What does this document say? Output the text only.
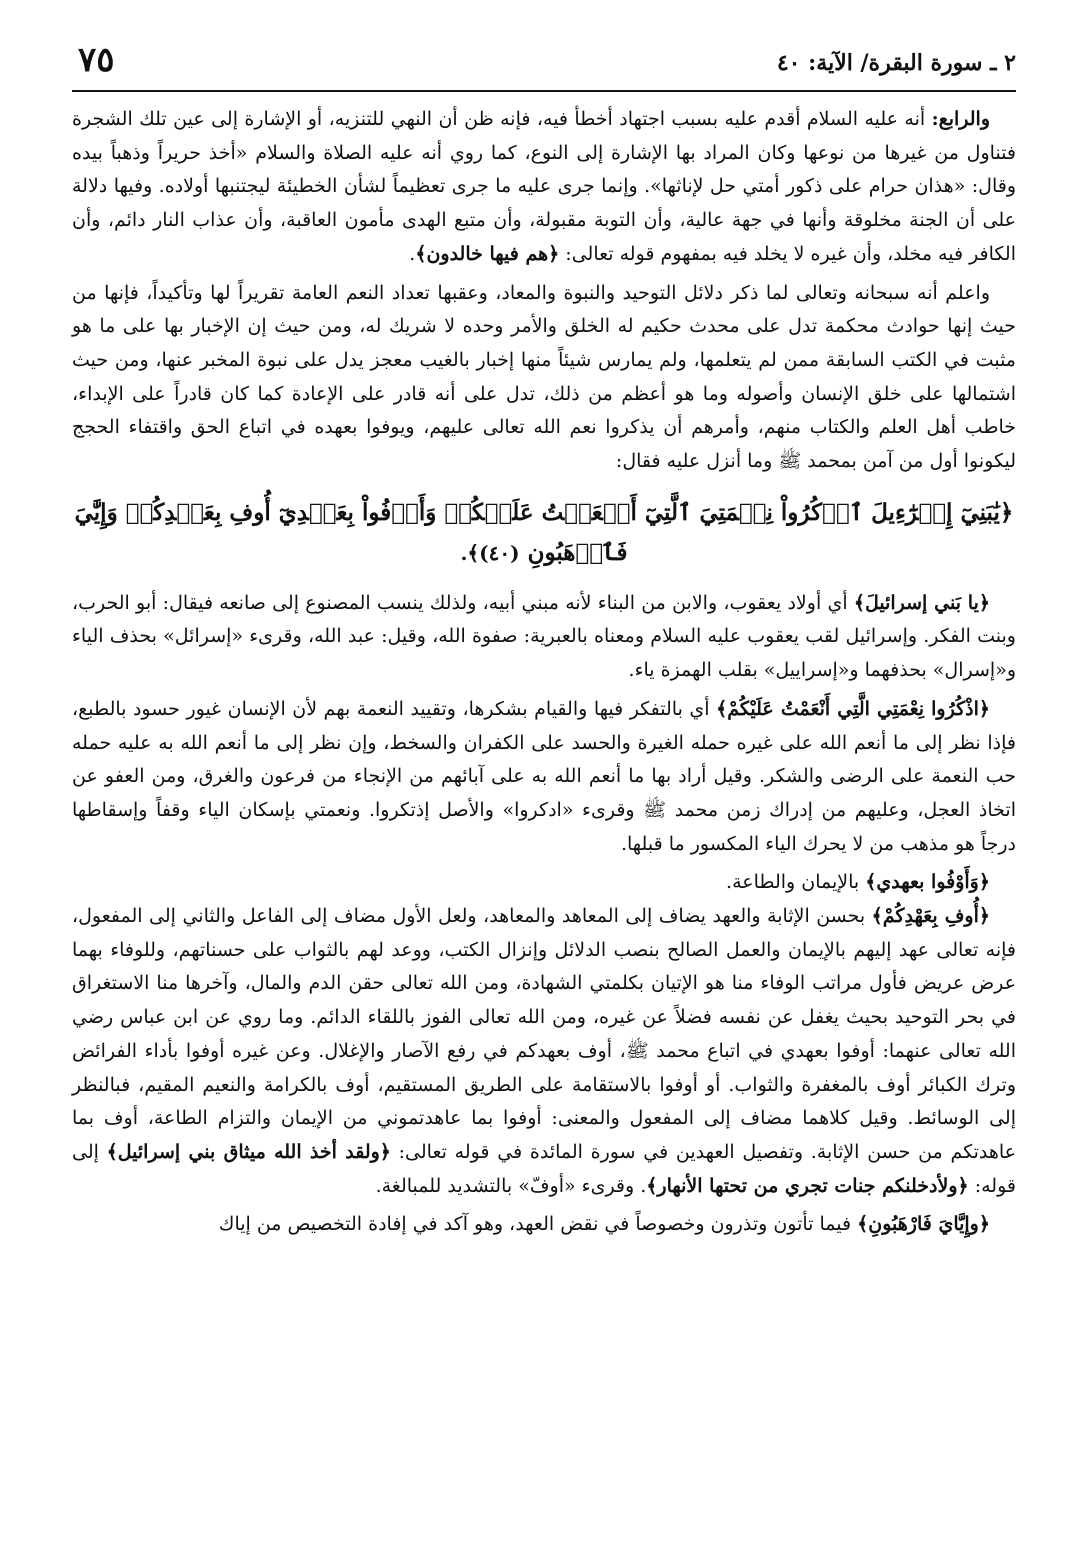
٢ ـ سورة البقرة/ الآية: ٤٠
٧٥

والرابع: أنه عليه السلام أقدم عليه بسبب اجتهاد أخطأ فيه، فإنه ظن أن النهي للتنزيه، أو الإشارة إلى عين تلك الشجرة فتناول من غيرها من نوعها وكان المراد بها الإشارة إلى النوع، كما روي أنه عليه الصلاة والسلام «أخذ حريراً وذهباً بيده وقال: «هذان حرام على ذكور أمتي حل لإناثها». وإنما جرى عليه ما جرى تعظيماً لشأن الخطيئة ليجتنبها أولاده. وفيها دلالة على أن الجنة مخلوقة وأنها في جهة عالية، وأن التوبة مقبولة، وأن متبع الهدى مأمون العاقبة، وأن عذاب النار دائم، وأن الكافر فيه مخلد، وأن غيره لا يخلد فيه بمفهوم قوله تعالى: ﴿هم فيها خالدون﴾.

واعلم أنه سبحانه وتعالى لما ذكر دلائل التوحيد والنبوة والمعاد، وعقبها تعداد النعم العامة تقريراً لها وتأكيداً، فإنها من حيث إنها حوادث محكمة تدل على محدث حكيم له الخلق والأمر وحده لا شريك له، ومن حيث إن الإخبار بها على ما هو مثبت في الكتب السابقة ممن لم يتعلمها، ولم يمارس شيئاً منها إخبار بالغيب معجز يدل على نبوة المخبر عنها، ومن حيث اشتمالها على خلق الإنسان وأصوله وما هو أعظم من ذلك، تدل على أنه قادر على الإعادة كما كان قادراً على الإبداء، خاطب أهل العلم والكتاب منهم، وأمرهم أن يذكروا نعم الله تعالى عليهم، ويوفوا بعهده في اتباع الحق واقتفاء الحجج ليكونوا أول من آمن بمحمد ﷺ وما أنزل عليه فقال:

﴿يَٰبَنِيٓ إِسۡرَٰٓءِيلَ ٱذۡكُرُواْ نِعۡمَتِيَ ٱلَّتِيٓ أَنۡعَمۡتُ عَلَيۡكُمۡ وَأَوۡفُواْ بِعَهۡدِيٓ أُوفِ بِعَهۡدِكُمۡ وَإِيَّٰيَ فَٱرۡهَبُونِ (٤٠)﴾.

﴿يا بَني إسرائيلَ﴾ أي أولاد يعقوب، والابن من البناء لأنه مبني أبيه، ولذلك ينسب المصنوع إلى صانعه فيقال: أبو الحرب، وبنت الفكر. وإسرائيل لقب يعقوب عليه السلام ومعناه بالعبرية: صفوة الله، وقيل: عبد الله، وقرىء «إسرائل» بحذف الياء و«إسرال» بحذفهما و«إسراييل» بقلب الهمزة ياء.

﴿اذْكُرُوا نِعْمَتِي الَّتِي أَنْعَمْتُ عَلَيْكُمْ﴾ أي بالتفكر فيها والقيام بشكرها، وتقييد النعمة بهم لأن الإنسان غيور حسود بالطبع، فإذا نظر إلى ما أنعم الله على غيره حمله الغيرة والحسد على الكفران والسخط، وإن نظر إلى ما أنعم الله به عليه حمله حب النعمة على الرضى والشكر. وقيل أراد بها ما أنعم الله به على آبائهم من الإنجاء من فرعون والغرق، ومن العفو عن اتخاذ العجل، وعليهم من إدراك زمن محمد ﷺ وقرىء «ادكروا» والأصل إذتكروا. ونعمتي بإسكان الياء وقفاً وإسقاطها درجاً هو مذهب من لا يحرك الياء المكسور ما قبلها.

﴿وَأَوْفُوا بعهدي﴾ بالإيمان والطاعة.

﴿أُوفِ بِعَهْدِكُمْ﴾ بحسن الإثابة والعهد يضاف إلى المعاهد والمعاهد، ولعل الأول مضاف إلى الفاعل والثاني إلى المفعول، فإنه تعالى عهد إليهم بالإيمان والعمل الصالح بنصب الدلائل وإنزال الكتب، ووعد لهم بالثواب على حسناتهم، وللوفاء بهما عرض عريض فأول مراتب الوفاء منا هو الإتيان بكلمتي الشهادة، ومن الله تعالى حقن الدم والمال، وآخرها منا الاستغراق في بحر التوحيد بحيث يغفل عن نفسه فضلاً عن غيره، ومن الله تعالى الفوز باللقاء الدائم. وما روي عن ابن عباس رضي الله تعالى عنهما: أوفوا بعهدي في اتباع محمد ﷺ، أوف بعهدكم في رفع الآصار والإغلال. وعن غيره أوفوا بأداء الفرائض وترك الكبائر أوف بالمغفرة والثواب. أو أوفوا بالاستقامة على الطريق المستقيم، أوف بالكرامة والنعيم المقيم، فبالنظر إلى الوسائط. وقيل كلاهما مضاف إلى المفعول والمعنى: أوفوا بما عاهدتموني من الإيمان والتزام الطاعة، أوف بما عاهدتكم من حسن الإثابة. وتفصيل العهدين في سورة المائدة في قوله تعالى: ﴿ولقد أخذ الله ميثاق بني إسرائيل﴾ إلى قوله: ﴿ولأدخلنكم جنات تجري من تحتها الأنهار﴾. وقرىء «أوفّ» بالتشديد للمبالغة.

﴿وإِيَّايَ فَارْهَبُونِ﴾ فيما تأتون وتذرون وخصوصاً في نقض العهد، وهو آكد في إفادة التخصيص من إياك
